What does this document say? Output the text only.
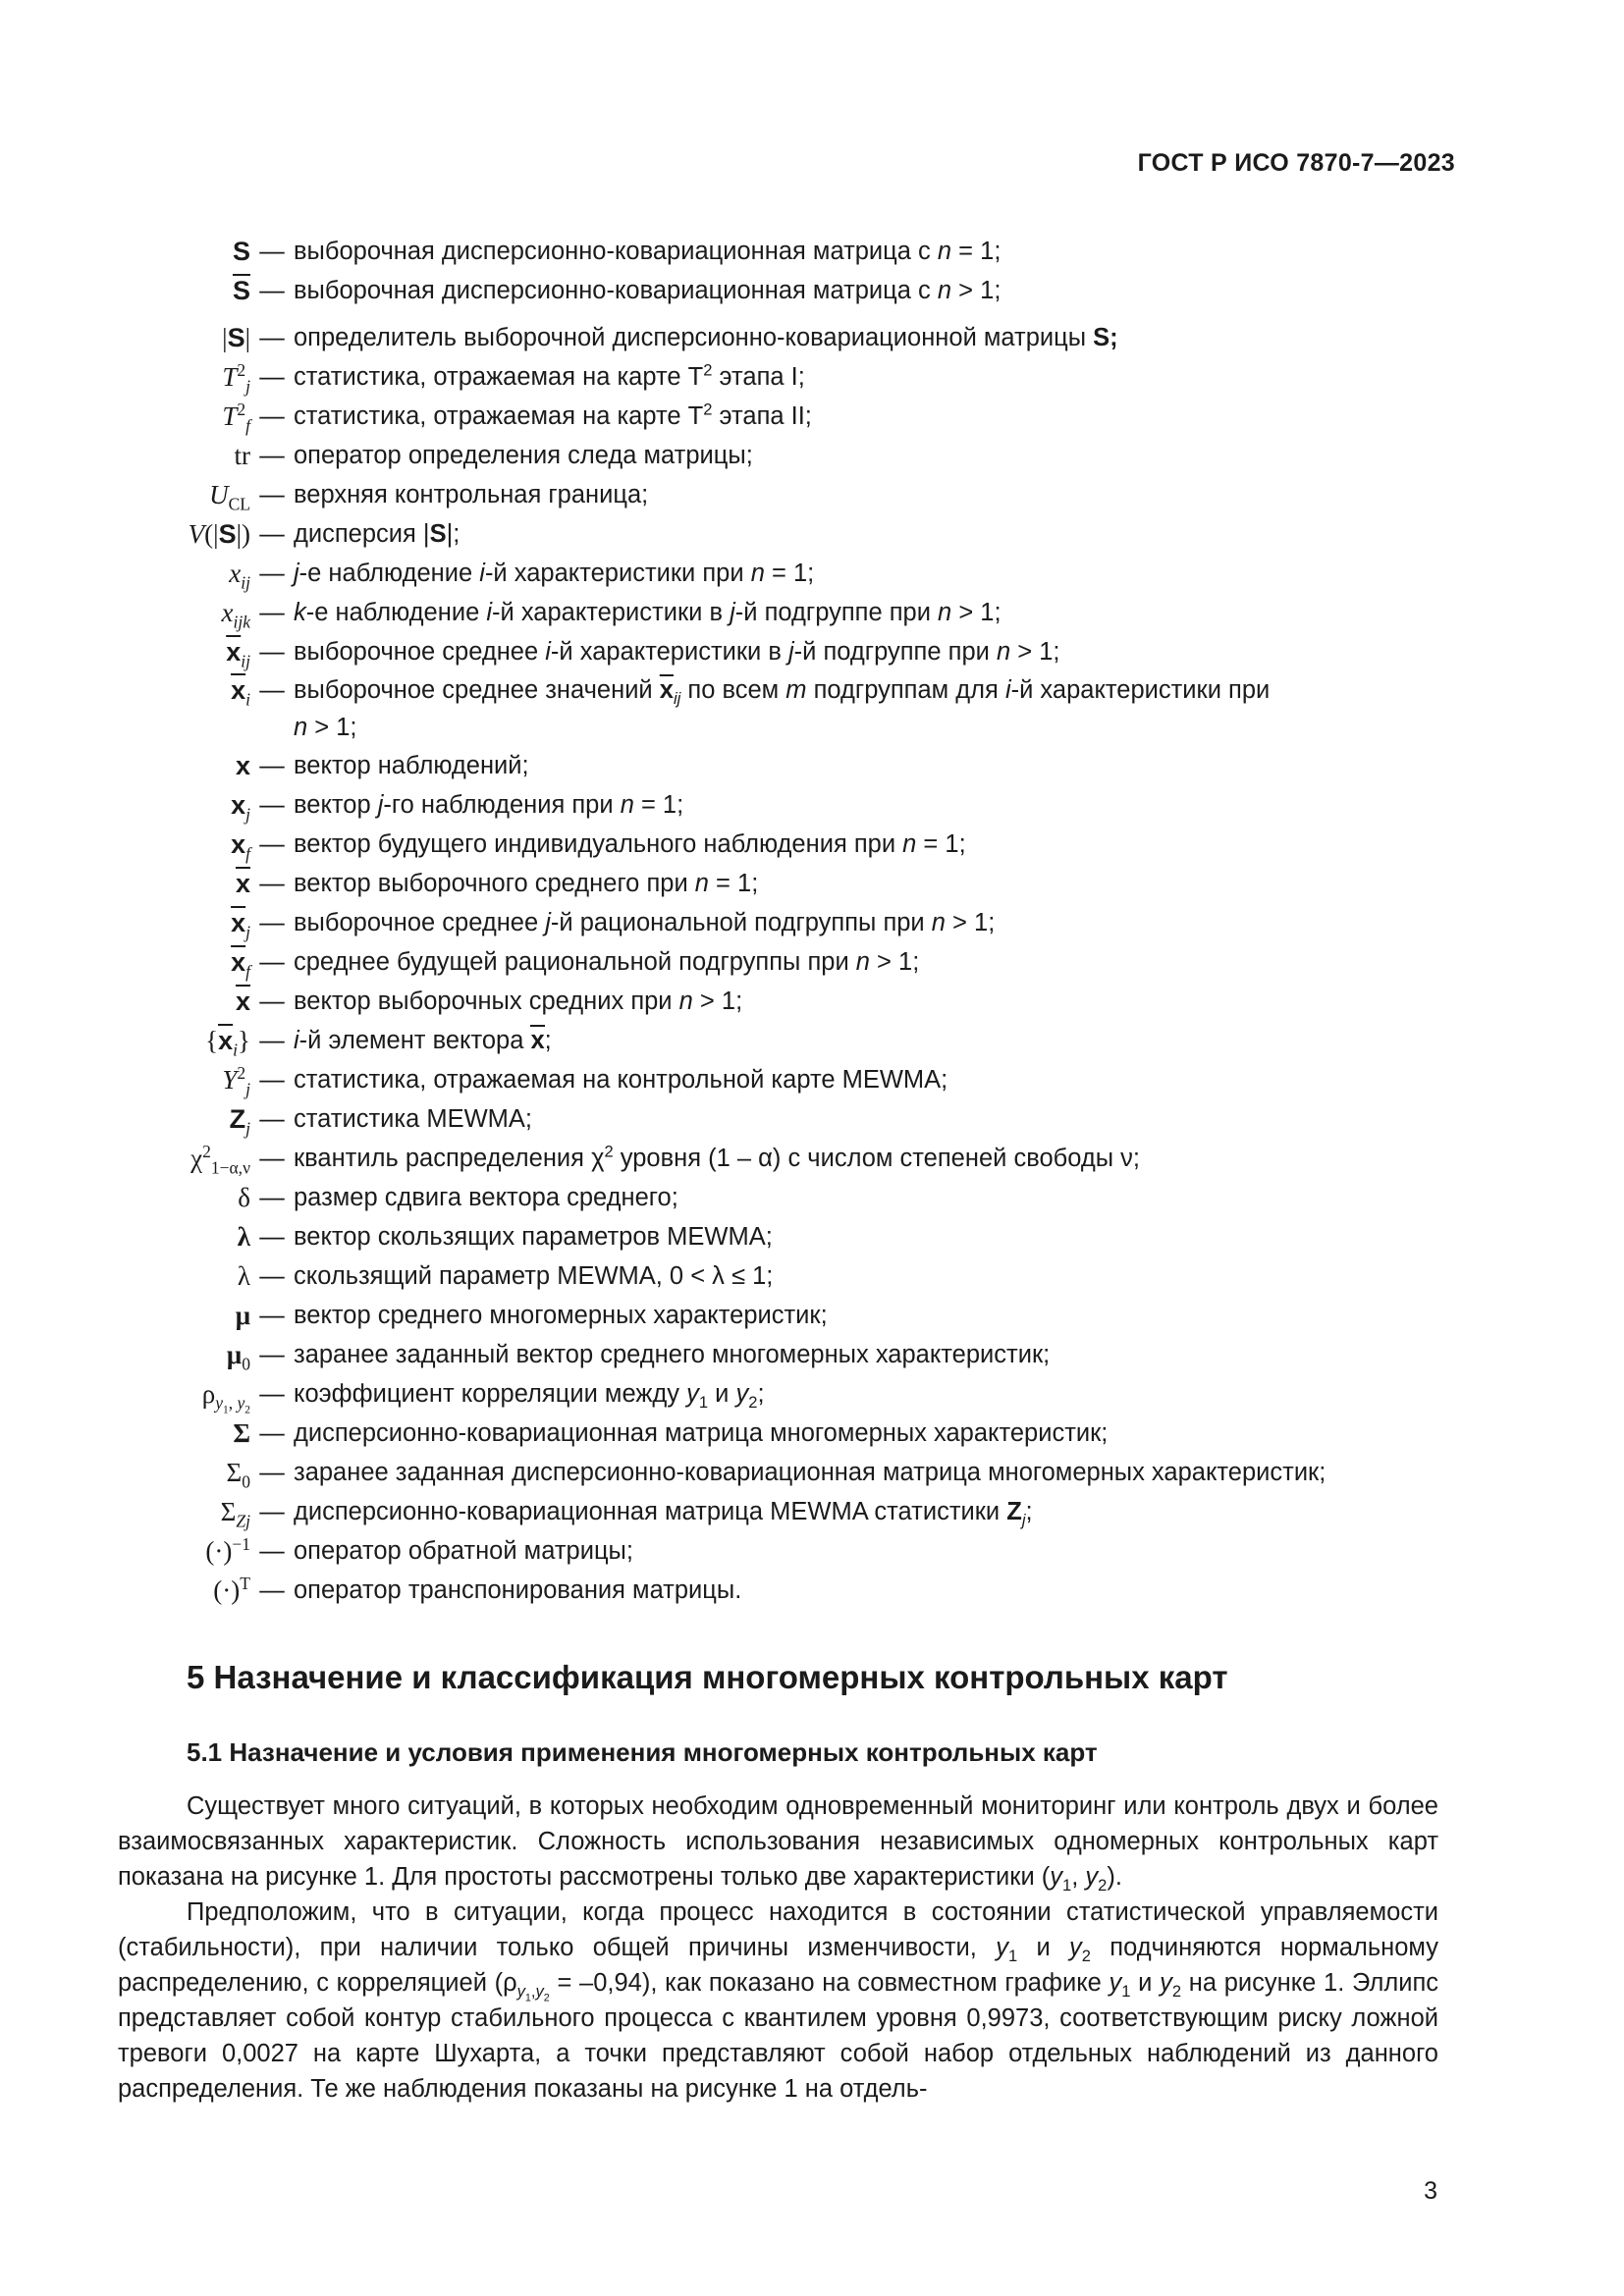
ГОСТ Р ИСО 7870-7—2023
S — выборочная дисперсионно-ковариационная матрица с n = 1;
$\overline{S}$ — выборочная дисперсионно-ковариационная матрица с n > 1;
|S| — определитель выборочной дисперсионно-ковариационной матрицы S;
$T^2_j$ — статистика, отражаемая на карте $T^2$ этапа I;
$T^2_f$ — статистика, отражаемая на карте $T^2$ этапа II;
tr — оператор определения следа матрицы;
$U_{CL}$ — верхняя контрольная граница;
V(|S|) — дисперсия |S|;
$x_{ij}$ — j-е наблюдение i-й характеристики при n = 1;
$x_{ijk}$ — k-е наблюдение i-й характеристики в j-й подгруппе при n > 1;
$\overline{x}_{ij}$ — выборочное среднее i-й характеристики в j-й подгруппе при n > 1;
$\overline{x}_i$ — выборочное среднее значений $\overline{x}_{ij}$ по всем m подгруппам для i-й характеристики при
n > 1;
x — вектор наблюдений;
$x_j$ — вектор j-го наблюдения при n = 1;
$x_f$ — вектор будущего индивидуального наблюдения при n = 1;
$\overline{x}$ — вектор выборочного среднего при n = 1;
$\overline{x}_j$ — выборочное среднее j-й рациональной подгруппы при n > 1;
$\overline{x}_f$ — среднее будущей рациональной подгруппы при n > 1;
$\overline{x}$ — вектор выборочных средних при n > 1;
$\{\overline{x}_i\}$ — i-й элемент вектора $\overline{x}$;
$Y^2_j$ — статистика, отражаемая на контрольной карте MEWMA;
$Z_j$ — статистика MEWMA;
$\chi^2_{1-\alpha,\nu}$ — квантиль распределения $\chi^2$ уровня (1 – α) с числом степеней свободы ν;
δ — размер сдвига вектора среднего;
λ — вектор скользящих параметров MEWMA;
λ — скользящий параметр MEWMA, 0 < λ ≤ 1;
μ — вектор среднего многомерных характеристик;
$\mu_0$ — заранее заданный вектор среднего многомерных характеристик;
$\rho_{y_1, y_2}$
— коэффициент корреляции между $y_1$ и $y_2$;
Σ — дисперсионно-ковариационная матрица многомерных характеристик;
$\Sigma_0$ — заранее заданная дисперсионно-ковариационная матрица многомерных характеристик;
$\Sigma_{Zj}$ — дисперсионно-ковариационная матрица MEWMA статистики $Z_j$;
$(\cdot)^{-1}$ — оператор обратной матрицы;
$(\cdot)^T$ — оператор транспонирования матрицы.
5 Назначение и классификация многомерных контрольных карт
5.1 Назначение и условия применения многомерных контрольных карт

Существует много ситуаций, в которых необходим одновременный мониторинг или контроль двух и более взаимосвязанных характеристик. Сложность использования независимых одномерных контрольных карт показана на рисунке 1. Для простоты рассмотрены только две характеристики ($y_1$, $y_2$).

Предположим, что в ситуации, когда процесс находится в состоянии статистической управляемости (стабильности), при наличии только общей причины изменчивости, $y_1$ и $y_2$ подчиняются нормальному распределению, с корреляцией $(\rho_{y_1,y_2} = -0,94)$, как показано на совместном графике $y_1$ и $y_2$ на рисунке 1. Эллипс представляет собой контур стабильного процесса с квантилем уровня 0,9973, соответствующим риску ложной тревоги 0,0027 на карте Шухарта, а точки представляют собой набор отдельных наблюдений из данного распределения. Те же наблюдения показаны на рисунке 1 на отдель-

3
